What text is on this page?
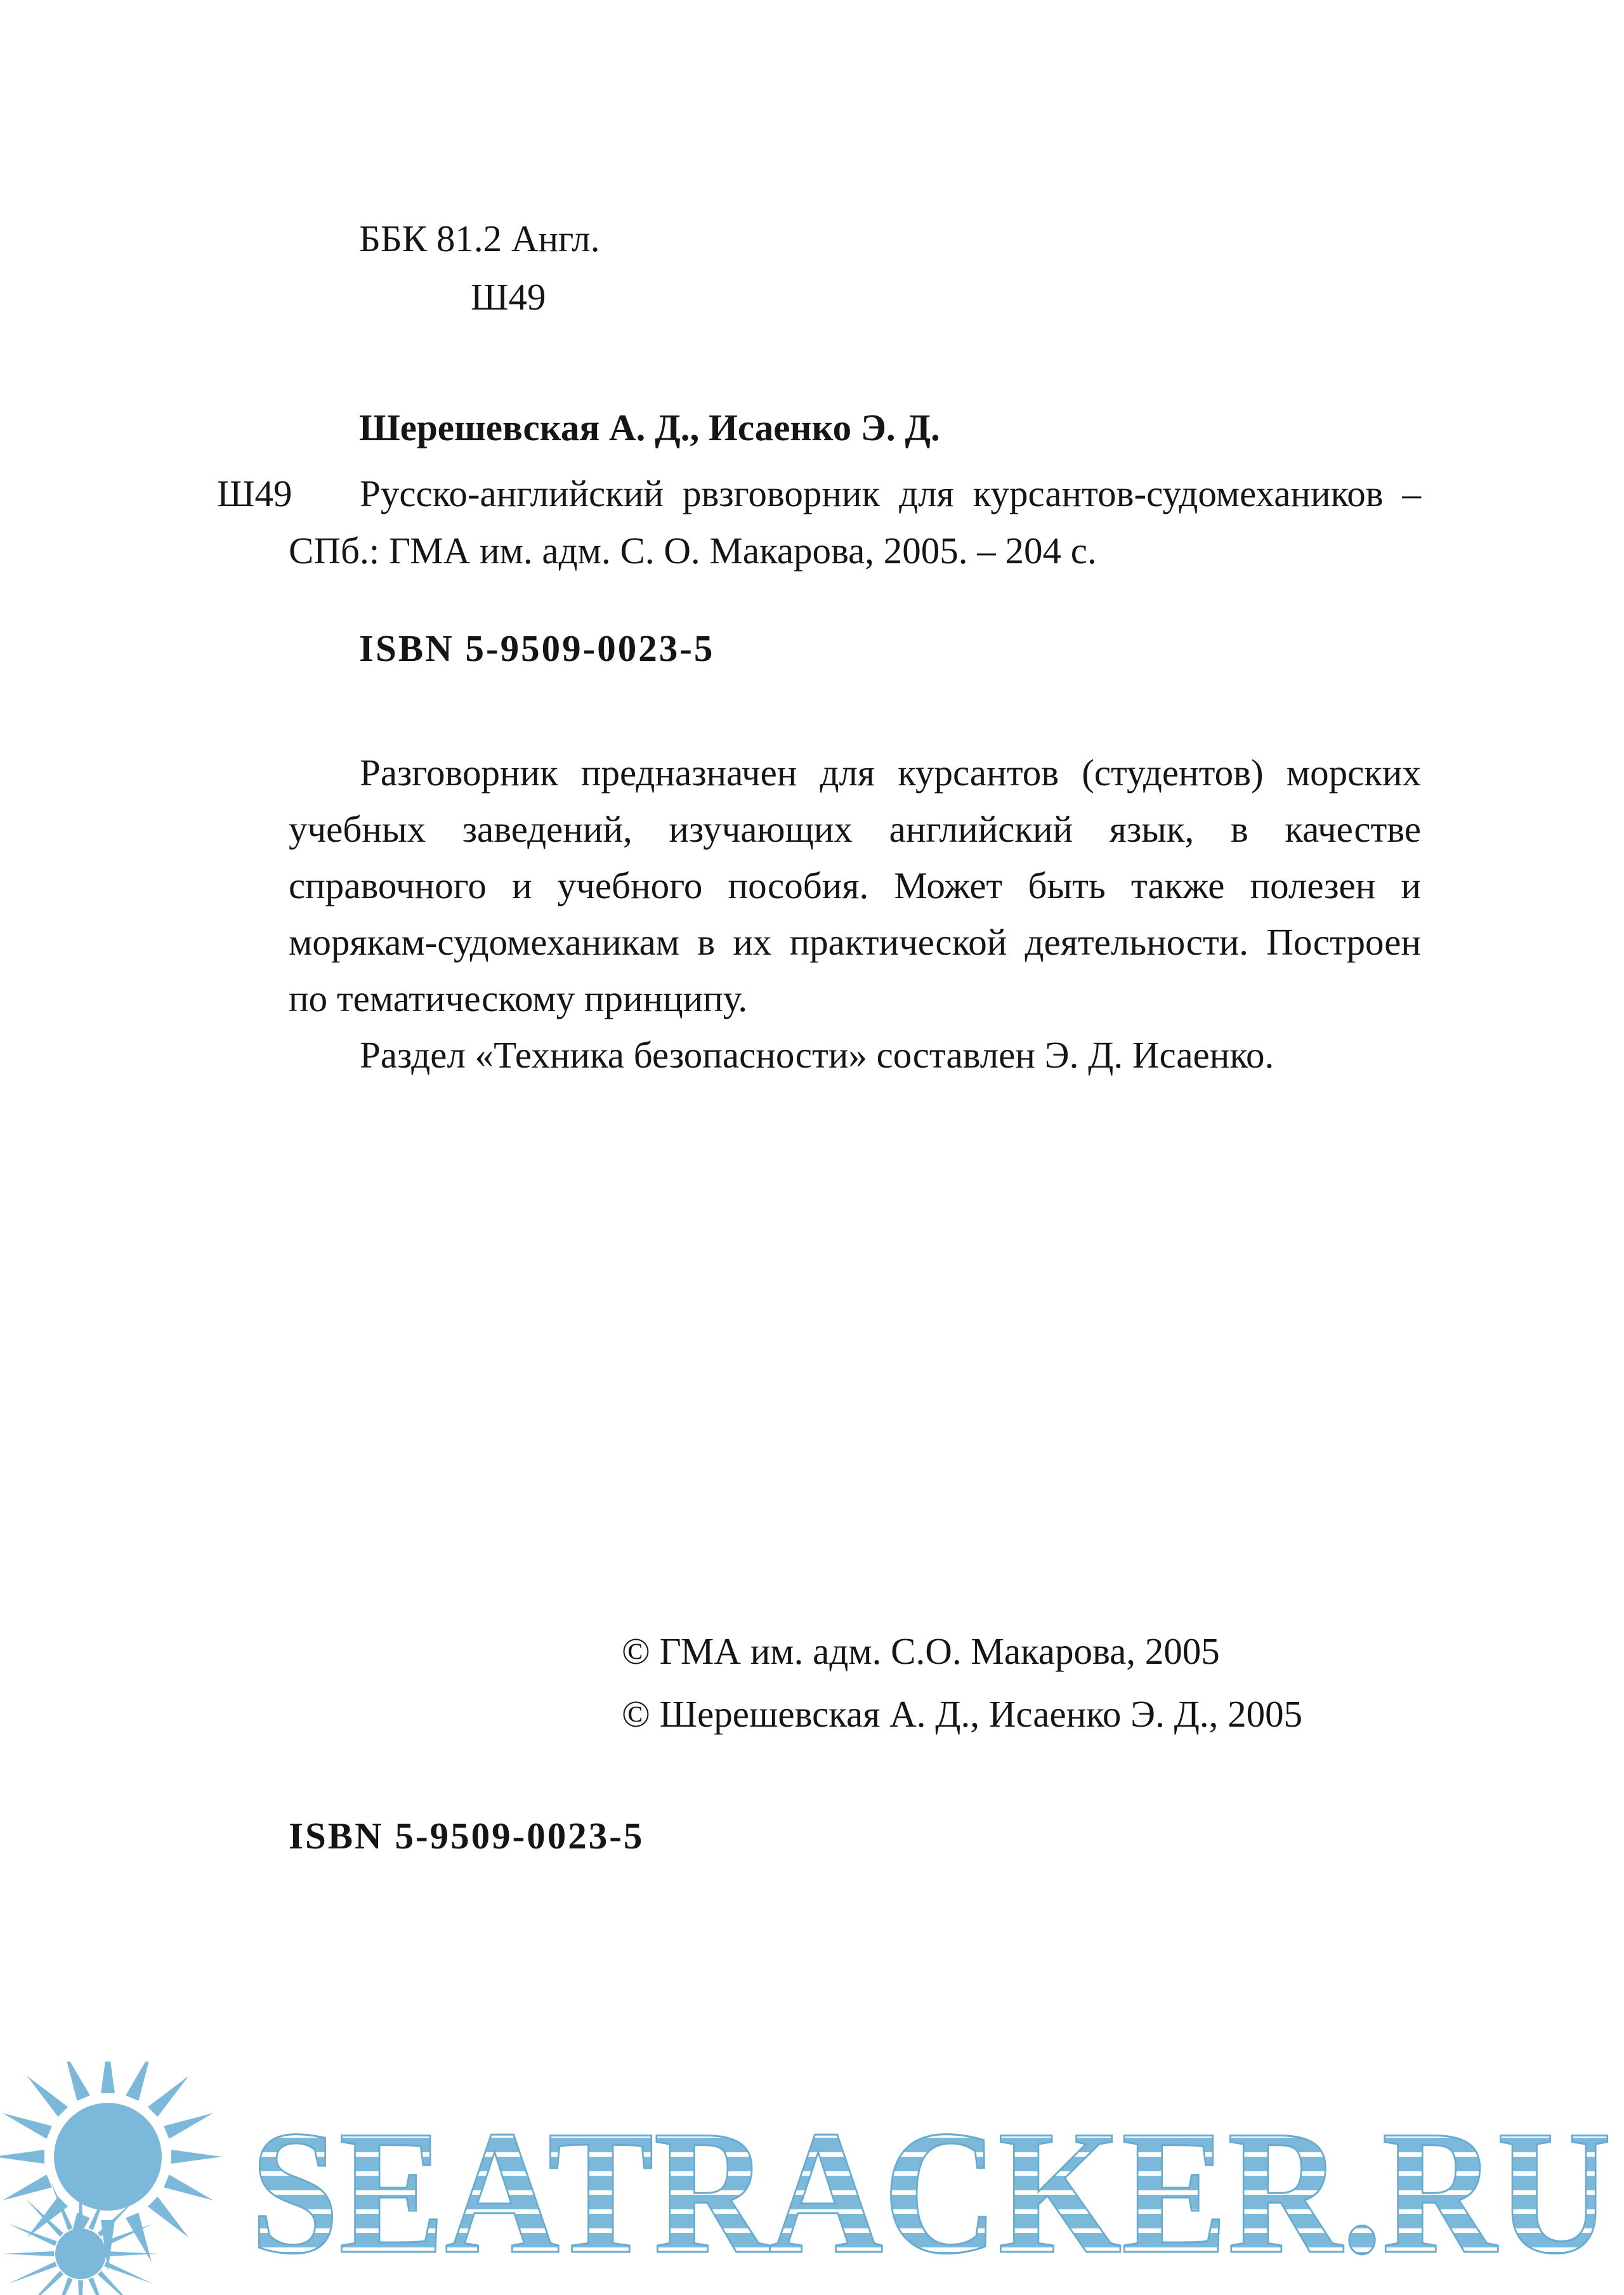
ББК 81.2 Англ.
Ш49
Шерешевская А. Д., Исаенко Э. Д.
Ш49 Русско-английский рвзговорник для курсантов-судомехаников – СПб.: ГМА им. адм. С. О. Макарова, 2005. – 204 с.
ISBN 5-9509-0023-5

Разговорник предназначен для курсантов (студентов) морских учебных заведений, изучающих английский язык, в качестве справочного и учебного пособия. Может быть также полезен и морякам-судомеханикам в их практической деятельности. Построен по тематическому принципу.

Раздел «Техника безопасности» составлен Э. Д. Исаенко.

© ГМА им. адм. С.О. Макарова, 2005
© Шерешевская А. Д., Исаенко Э. Д., 2005
ISBN 5-9509-0023-5
SEATRACKER.RU
